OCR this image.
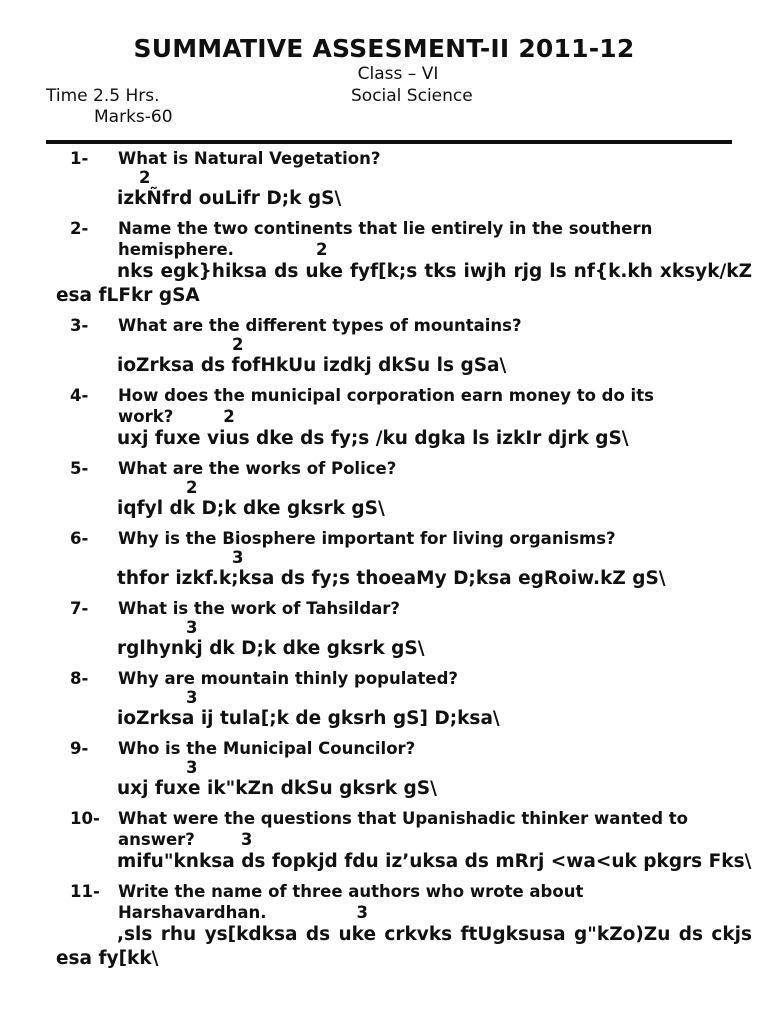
SUMMATIVE ASSESMENT-II 2011-12
Class – VI
Time 2.5 Hrs.	Social Science
Marks-60
1-	What is Natural Vegetation?
2
izkÑfrd ouLifr D;k gS\
2-	Name the two continents that lie entirely in the southern hemisphere.	2
nks egk}hiksa ds uke fyf[k;s tks iwjh rjg ls nf{k.kh xksyk/kZ esa fLFkr gSA
3-	What are the different types of mountains?
2
ioZrksa ds fofHkUu izdkj dkSu ls gSa\
4-	How does the municipal corporation earn money to do its work?	2
uxj fuxe vius dke ds fy;s /ku dgka ls izkIr djrk gS\
5-	What are the works of Police?
2
iqfyl dk D;k dke gksrk gS\
6-	Why is the Biosphere important for living organisms?
3
thfor izkf.k;ksa ds fy;s thoeaMy D;ksa egRoiw.kZ gS\
7-	What is the work of Tahsildar?
3
rglhynkj dk D;k dke gksrk gS\
8-	Why are mountain thinly populated?
3
ioZrksa ij tula[;k de gksrh gS] D;ksa\
9-	Who is the Municipal Councilor?
3
uxj fuxe ik"kZn dkSu gksrk gS\
10-	What were the questions that Upanishadic thinker wanted to answer?	3
mifu"knksa ds fopkjd fdu iz’uksa ds mRrj <wa<uk pkgrs Fks\
11-	Write the name of three authors who wrote about Harshavardhan.	3
,sls rhu ys[kdksa ds uke crkvks ftUgksusa g"kZo)Zu ds ckjs esa fy[kk\
